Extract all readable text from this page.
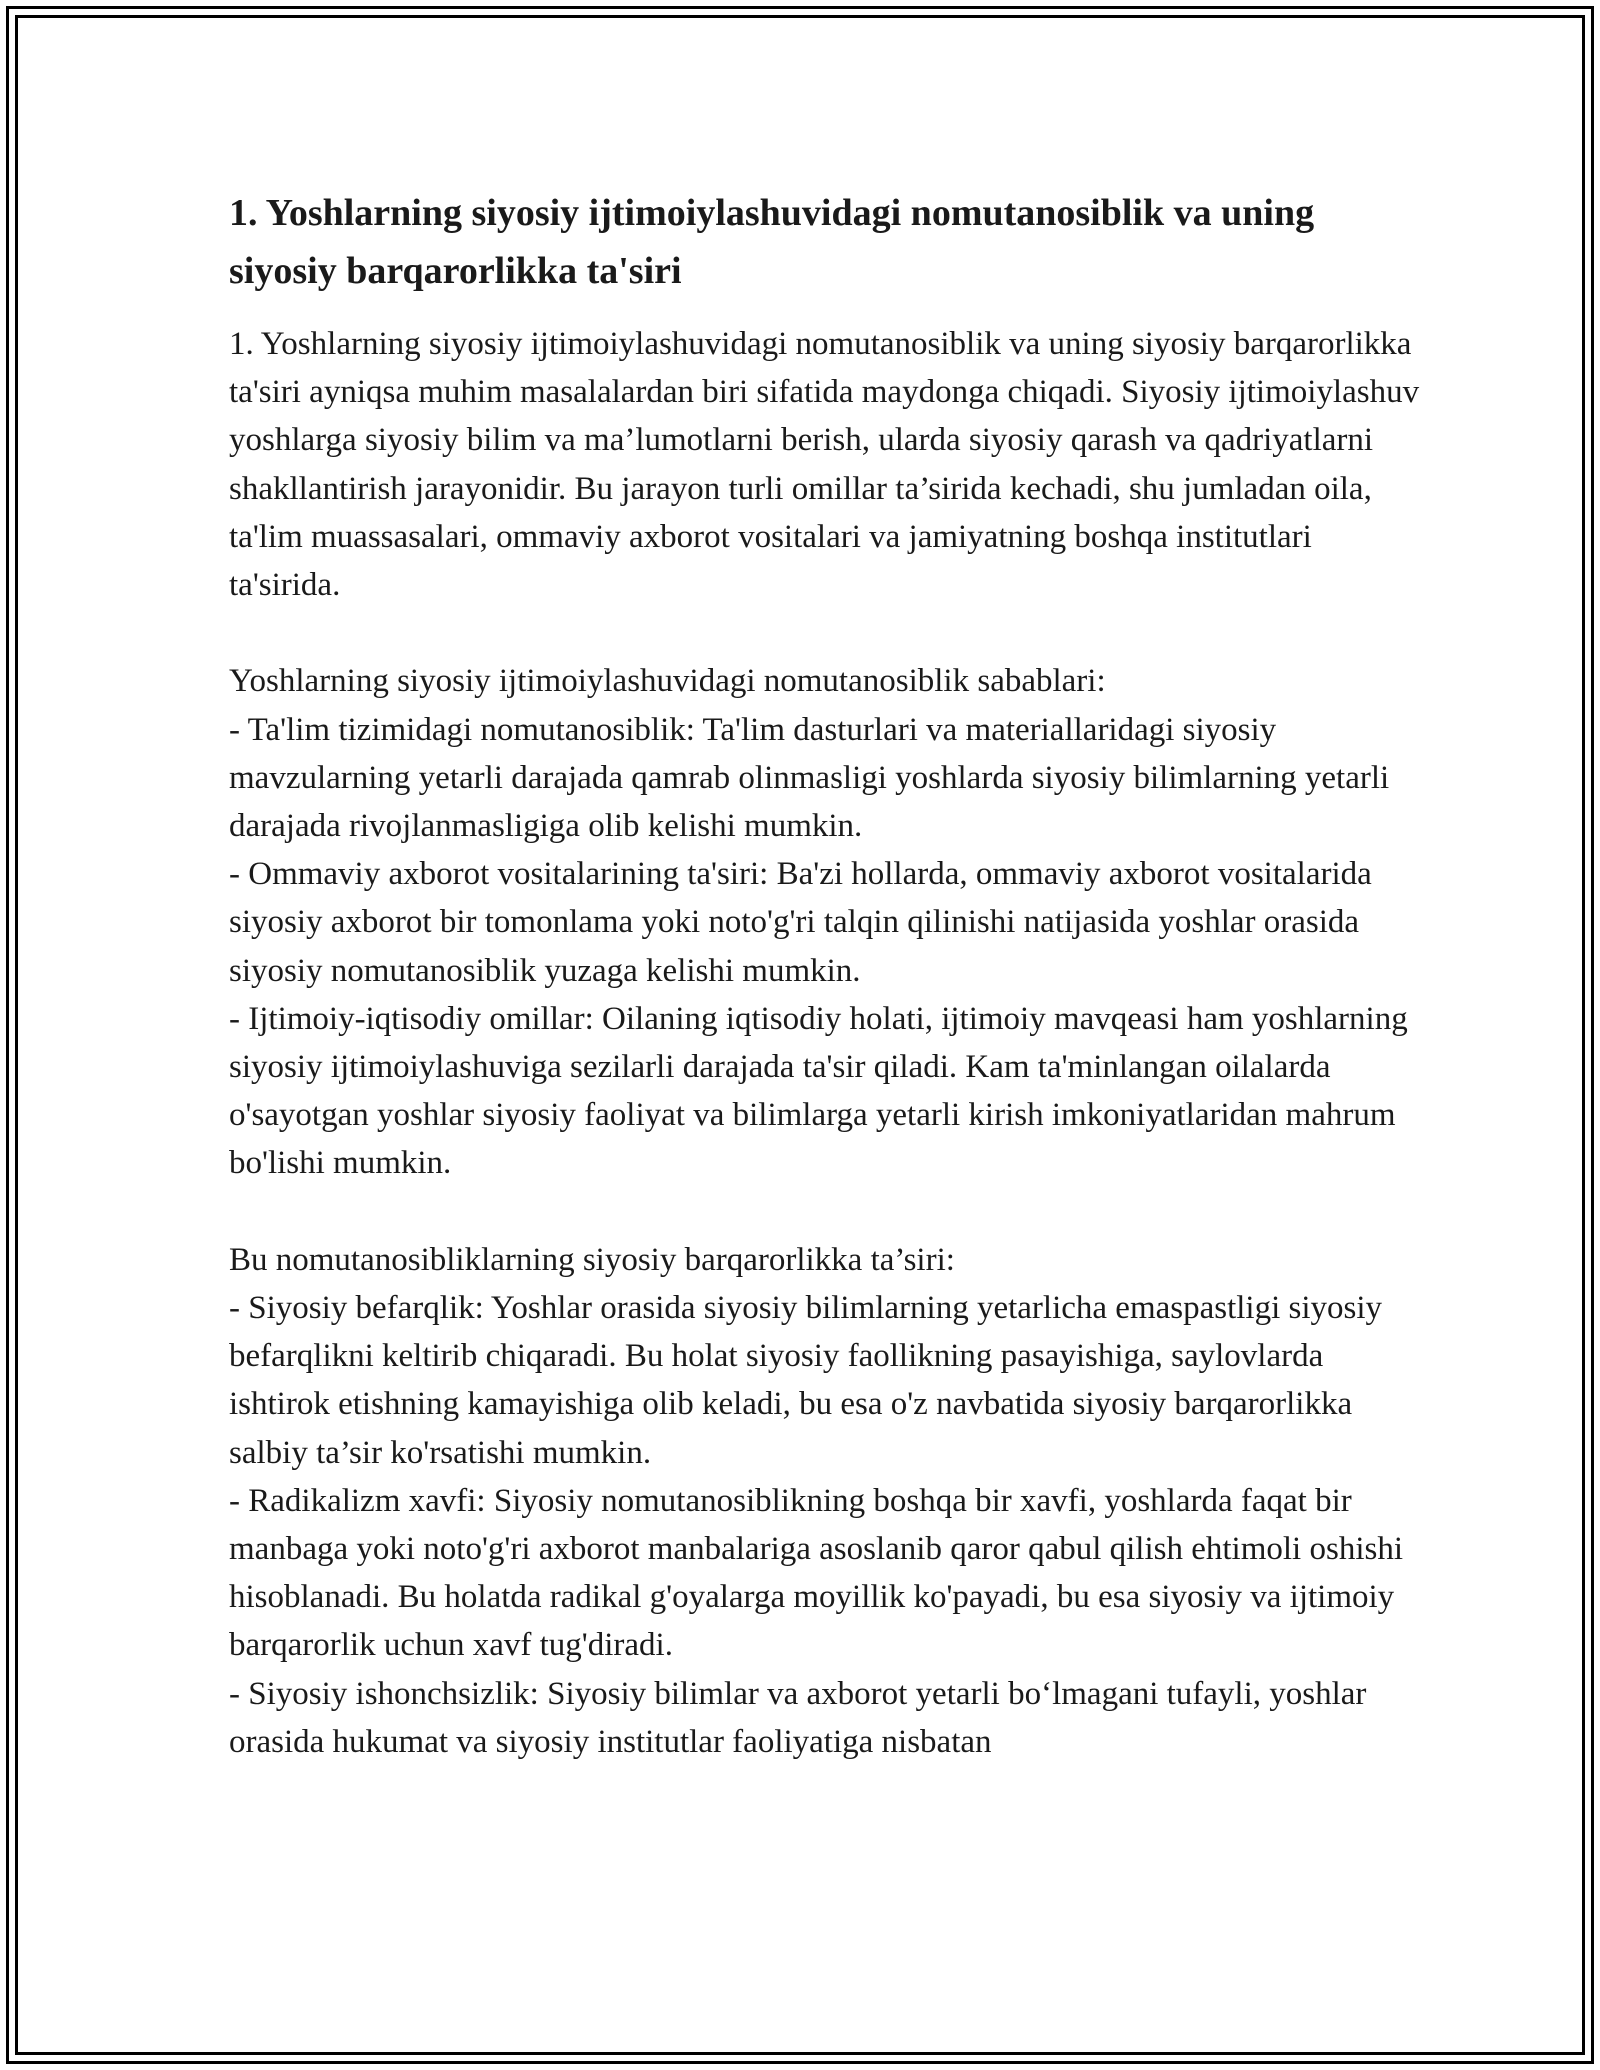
1. Yoshlarning siyosiy ijtimoiylashuvidagi nomutanosiblik va uning siyosiy barqarorlikka ta'siri

1. Yoshlarning siyosiy ijtimoiylashuvidagi nomutanosiblik va uning siyosiy barqarorlikka ta'siri ayniqsa muhim masalalardan biri sifatida maydonga chiqadi. Siyosiy ijtimoiylashuv yoshlarga siyosiy bilim va ma’lumotlarni berish, ularda siyosiy qarash va qadriyatlarni shakllantirish jarayonidir. Bu jarayon turli omillar ta’sirida kechadi, shu jumladan oila, ta'lim muassasalari, ommaviy axborot vositalari va jamiyatning boshqa institutlari ta'sirida.

Yoshlarning siyosiy ijtimoiylashuvidagi nomutanosiblik sabablari:
- Ta'lim tizimidagi nomutanosiblik: Ta'lim dasturlari va materiallaridagi siyosiy mavzularning yetarli darajada qamrab olinmasligi yoshlarda siyosiy bilimlarning yetarli darajada rivojlanmasligiga olib kelishi mumkin.
- Ommaviy axborot vositalarining ta'siri: Ba'zi hollarda, ommaviy axborot vositalarida siyosiy axborot bir tomonlama yoki noto'g'ri talqin qilinishi natijasida yoshlar orasida siyosiy nomutanosiblik yuzaga kelishi mumkin.
- Ijtimoiy-iqtisodiy omillar: Oilaning iqtisodiy holati, ijtimoiy mavqeasi ham yoshlarning siyosiy ijtimoiylashuviga sezilarli darajada ta'sir qiladi. Kam ta'minlangan oilalarda o'sayotgan yoshlar siyosiy faoliyat va bilimlarga yetarli kirish imkoniyatlaridan mahrum bo'lishi mumkin.

Bu nomutanosibliklarning siyosiy barqarorlikka ta’siri:
- Siyosiy befarqlik: Yoshlar orasida siyosiy bilimlarning yetarlicha emaspastligi siyosiy befarqlikni keltirib chiqaradi. Bu holat siyosiy faollikning pasayishiga, saylovlarda ishtirok etishning kamayishiga olib keladi, bu esa o'z navbatida siyosiy barqarorlikka salbiy ta’sir ko'rsatishi mumkin.
- Radikalizm xavfi: Siyosiy nomutanosiblikning boshqa bir xavfi, yoshlarda faqat bir manbaga yoki noto'g'ri axborot manbalariga asoslanib qaror qabul qilish ehtimoli oshishi hisoblanadi. Bu holatda radikal g'oyalarga moyillik ko'payadi, bu esa siyosiy va ijtimoiy barqarorlik uchun xavf tug'diradi.
- Siyosiy ishonchsizlik: Siyosiy bilimlar va axborot yetarli bo‘lmagani tufayli, yoshlar orasida hukumat va siyosiy institutlar faoliyatiga nisbatan
